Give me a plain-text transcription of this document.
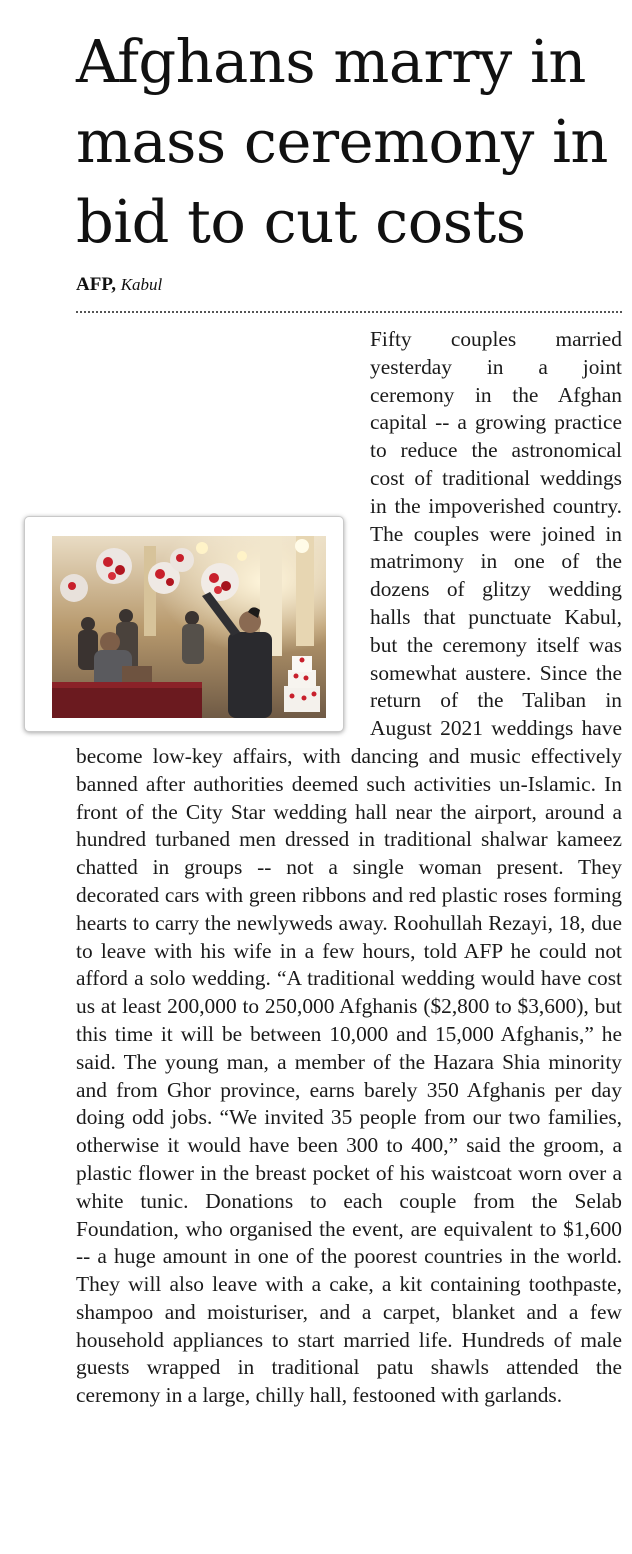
Afghans marry in mass ceremony in bid to cut costs
AFP, Kabul
Fifty couples married yesterday in a joint ceremony in the Afghan capital -- a growing practice to reduce the astronomical cost of traditional weddings in the impoverished country. The couples were joined in matrimony in one of the dozens of glitzy wedding halls that punctuate Kabul, but the ceremony itself was somewhat austere. Since the return of the Taliban in August 2021 weddings have become low-key affairs, with dancing and music effectively banned after authorities deemed such activities un-Islamic. In front of the City Star wedding hall near the airport, around a hundred turbaned men dressed in traditional shalwar kameez chatted in groups -- not a single woman present. They decorated cars with green ribbons and red plastic roses forming hearts to carry the newlyweds away. Roohullah Rezayi, 18, due to leave with his wife in a few hours, told AFP he could not afford a solo wedding. “A traditional wedding would have cost us at least 200,000 to 250,000 Afghanis ($2,800 to $3,600), but this time it will be between 10,000 and 15,000 Afghanis,” he said. The young man, a member of the Hazara Shia minority and from Ghor province, earns barely 350 Afghanis per day doing odd jobs. “We invited 35 people from our two families, otherwise it would have been 300 to 400,” said the groom, a plastic flower in the breast pocket of his waistcoat worn over a white tunic. Donations to each couple from the Selab Foundation, who organised the event, are equivalent to $1,600 -- a huge amount in one of the poorest countries in the world. They will also leave with a cake, a kit containing toothpaste, shampoo and moisturiser, and a carpet, blanket and a few household appliances to start married life. Hundreds of male guests wrapped in traditional patu shawls attended the ceremony in a large, chilly hall, festooned with garlands.
